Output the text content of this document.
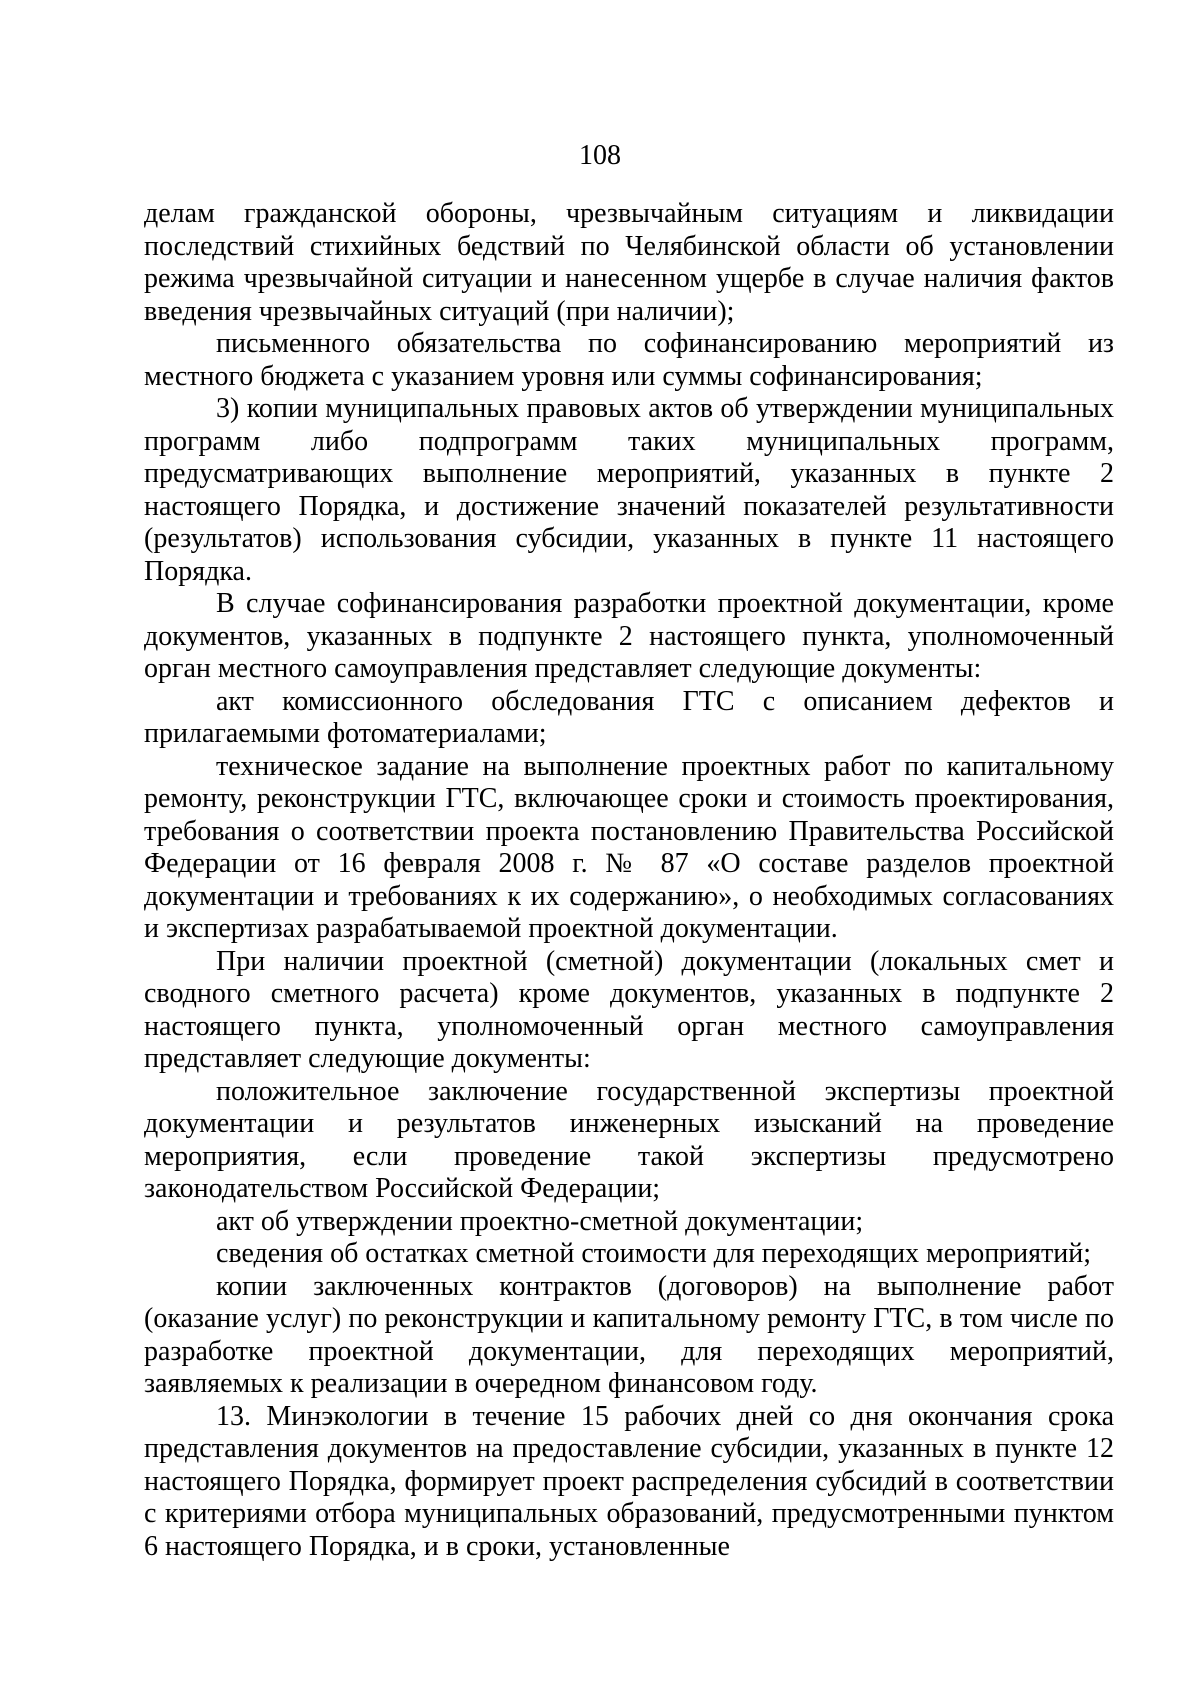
108

делам гражданской обороны, чрезвычайным ситуациям и ликвидации последствий стихийных бедствий по Челябинской области об установлении режима чрезвычайной ситуации и нанесенном ущербе в случае наличия фактов введения чрезвычайных ситуаций (при наличии);

письменного обязательства по софинансированию мероприятий из местного бюджета с указанием уровня или суммы софинансирования;

3) копии муниципальных правовых актов об утверждении муниципальных программ либо подпрограмм таких муниципальных программ, предусматривающих выполнение мероприятий, указанных в пункте 2 настоящего Порядка, и достижение значений показателей результативности (результатов) использования субсидии, указанных в пункте 11 настоящего Порядка.

В случае софинансирования разработки проектной документации, кроме документов, указанных в подпункте 2 настоящего пункта, уполномоченный орган местного самоуправления представляет следующие документы:

акт комиссионного обследования ГТС с описанием дефектов и прилагаемыми фотоматериалами;

техническое задание на выполнение проектных работ по капитальному ремонту, реконструкции ГТС, включающее сроки и стоимость проектирования, требования о соответствии проекта постановлению Правительства Российской Федерации от 16 февраля 2008 г. № 87 «О составе разделов проектной документации и требованиях к их содержанию», о необходимых согласованиях и экспертизах разрабатываемой проектной документации.

При наличии проектной (сметной) документации (локальных смет и сводного сметного расчета) кроме документов, указанных в подпункте 2 настоящего пункта, уполномоченный орган местного самоуправления представляет следующие документы:

положительное заключение государственной экспертизы проектной документации и результатов инженерных изысканий на проведение мероприятия, если проведение такой экспертизы предусмотрено законодательством Российской Федерации;

акт об утверждении проектно-сметной документации;

сведения об остатках сметной стоимости для переходящих мероприятий;

копии заключенных контрактов (договоров) на выполнение работ (оказание услуг) по реконструкции и капитальному ремонту ГТС, в том числе по разработке проектной документации, для переходящих мероприятий, заявляемых к реализации в очередном финансовом году.

13. Минэкологии в течение 15 рабочих дней со дня окончания срока представления документов на предоставление субсидии, указанных в пункте 12 настоящего Порядка, формирует проект распределения субсидий в соответствии с критериями отбора муниципальных образований, предусмотренными пунктом 6 настоящего Порядка, и в сроки, установленные
